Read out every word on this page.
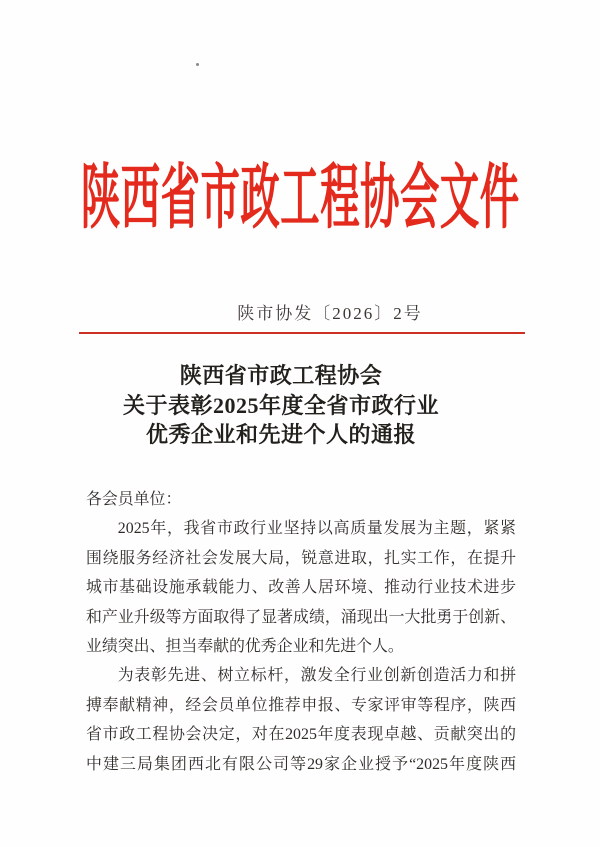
陕西省市政工程协会文件
陕市协发〔2026〕2号
陕西省市政工程协会
关于表彰2025年度全省市政行业
优秀企业和先进个人的通报
各会员单位：
2025年，我省市政行业坚持以高质量发展为主题，紧紧
围绕服务经济社会发展大局，锐意进取，扎实工作，在提升
城市基础设施承载能力、改善人居环境、推动行业技术进步
和产业升级等方面取得了显著成绩，涌现出一大批勇于创新、
业绩突出、担当奉献的优秀企业和先进个人。
为表彰先进、树立标杆，激发全行业创新创造活力和拼
搏奉献精神，经会员单位推荐申报、专家评审等程序，陕西
省市政工程协会决定，对在2025年度表现卓越、贡献突出的
中建三局集团西北有限公司等29家企业授予“2025年度陕西
